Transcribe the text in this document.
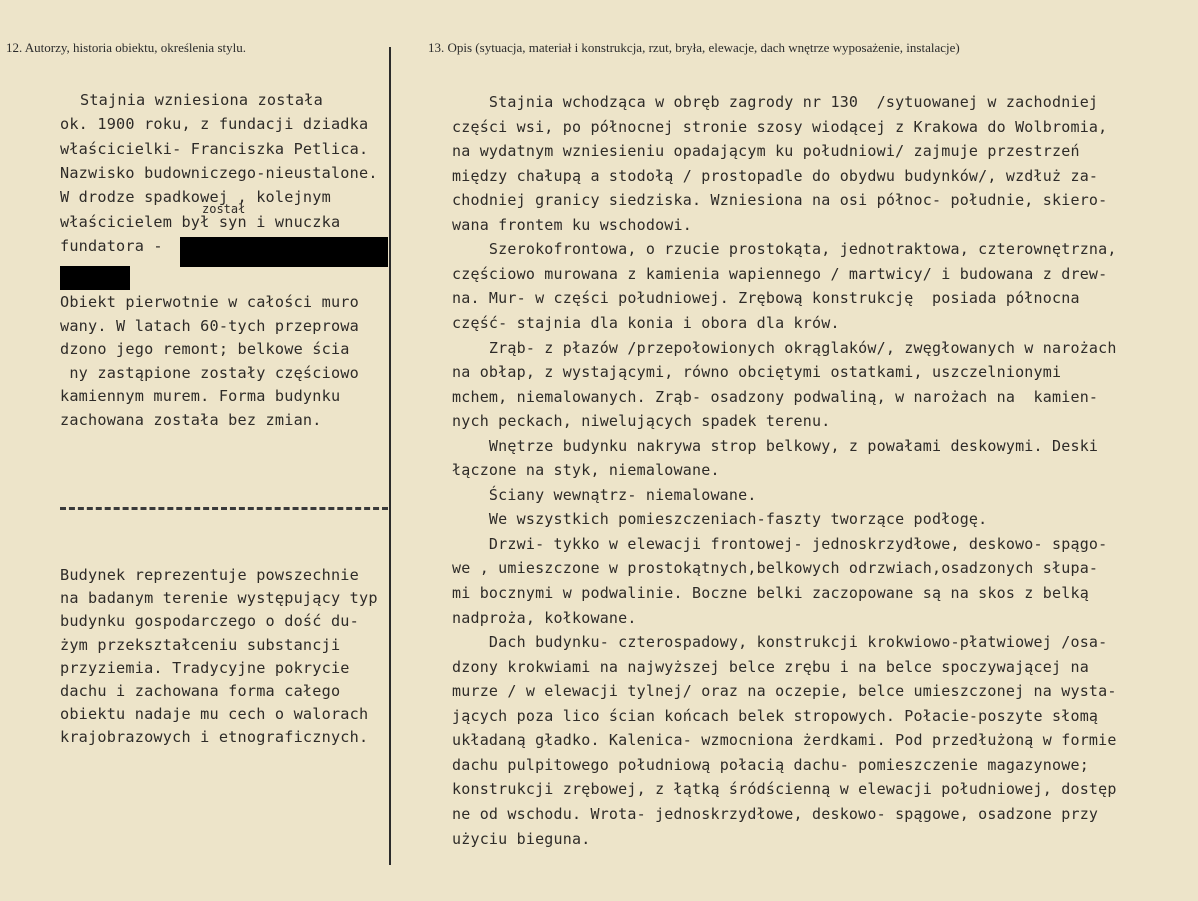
12. Autorzy, historia obiektu, określenia stylu.	13. Opis (sytuacja, materiał i konstrukcja, rzut, bryła, elewacje, dach wnętrze wyposażenie, instalacje)
Stajnia wzniesiona została
ok. 1900 roku, z fundacji dziadka
właścicielki- Franciszka Petlica.
Nazwisko budowniczego-nieustalone.
W drodze spadkowej , kolejnym
właścicielem był syn i wnuczka
fundatora -
Obiekt pierwotnie w całości muro
wany. W latach 60-tych przeprowa
dzono jego remont; belkowe ścia
ny zastąpione zostały częściowo
kamiennym murem. Forma budynku
zachowana została bez zmian.
Budynek reprezentuje powszechnie
na badanym terenie występujący typ
budynku gospodarczego o dość du-
żym przekształceniu substancji
przyziemia. Tradycyjne pokrycie
dachu i zachowana forma całego
obiektu nadaje mu cech o walorach
krajobrazowych i etnograficznych.
został
Stajnia wchodząca w obręb zagrody nr 130  /sytuowanej w zachodniej
części wsi, po północnej stronie szosy wiodącej z Krakowa do Wolbromia,
na wydatnym wzniesieniu opadającym ku południowi/ zajmuje przestrzeń
między chałupą a stodołą / prostopadle do obydwu budynków/, wzdłuż za-
chodniej granicy siedziska. Wzniesiona na osi północ- południe, skiero-
wana frontem ku wschodowi.
Szerokofrontowa, o rzucie prostokąta, jednotraktowa, czterownętrzna,
częściowo murowana z kamienia wapiennego / martwicy/ i budowana z drew-
na. Mur- w części południowej. Zrębową konstrukcję  posiada północna
część- stajnia dla konia i obora dla krów.
Zrąb- z płazów /przepołowionych okrąglaków/, zwęgłowanych w narożach
na obłap, z wystającymi, równo obciętymi ostatkami, uszczelnionymi
mchem, niemalowanych. Zrąb- osadzony podwaliną, w narożach na  kamien-
nych peckach, niwelujących spadek terenu.
Wnętrze budynku nakrywa strop belkowy, z powałami deskowymi. Deski
łączone na styk, niemalowane.
Ściany wewnątrz- niemalowane.
We wszystkich pomieszczeniach-faszty tworzące podłogę.
Drzwi- tykko w elewacji frontowej- jednoskrzydłowe, deskowo- spągo-
we , umieszczone w prostokątnych,belkowych odrzwiach,osadzonych słupa-
mi bocznymi w podwalinie. Boczne belki zaczopowane są na skos z belką
nadproża, kołkowane.
Dach budynku- czterospadowy, konstrukcji krokwiowo-płatwiowej /osa-
dzony krokwiami na najwyższej belce zrębu i na belce spoczywającej na
murze / w elewacji tylnej/ oraz na oczepie, belce umieszczonej na wysta-
jących poza lico ścian końcach belek stropowych. Połacie-poszyte słomą
układaną gładko. Kalenica- wzmocniona żerdkami. Pod przedłużoną w formie
dachu pulpitowego południową połacią dachu- pomieszczenie magazynowe;
konstrukcji zrębowej, z łątką śródścienną w elewacji południowej, dostęp
ne od wschodu. Wrota- jednoskrzydłowe, deskowo- spągowe, osadzone przy
użyciu bieguna.
